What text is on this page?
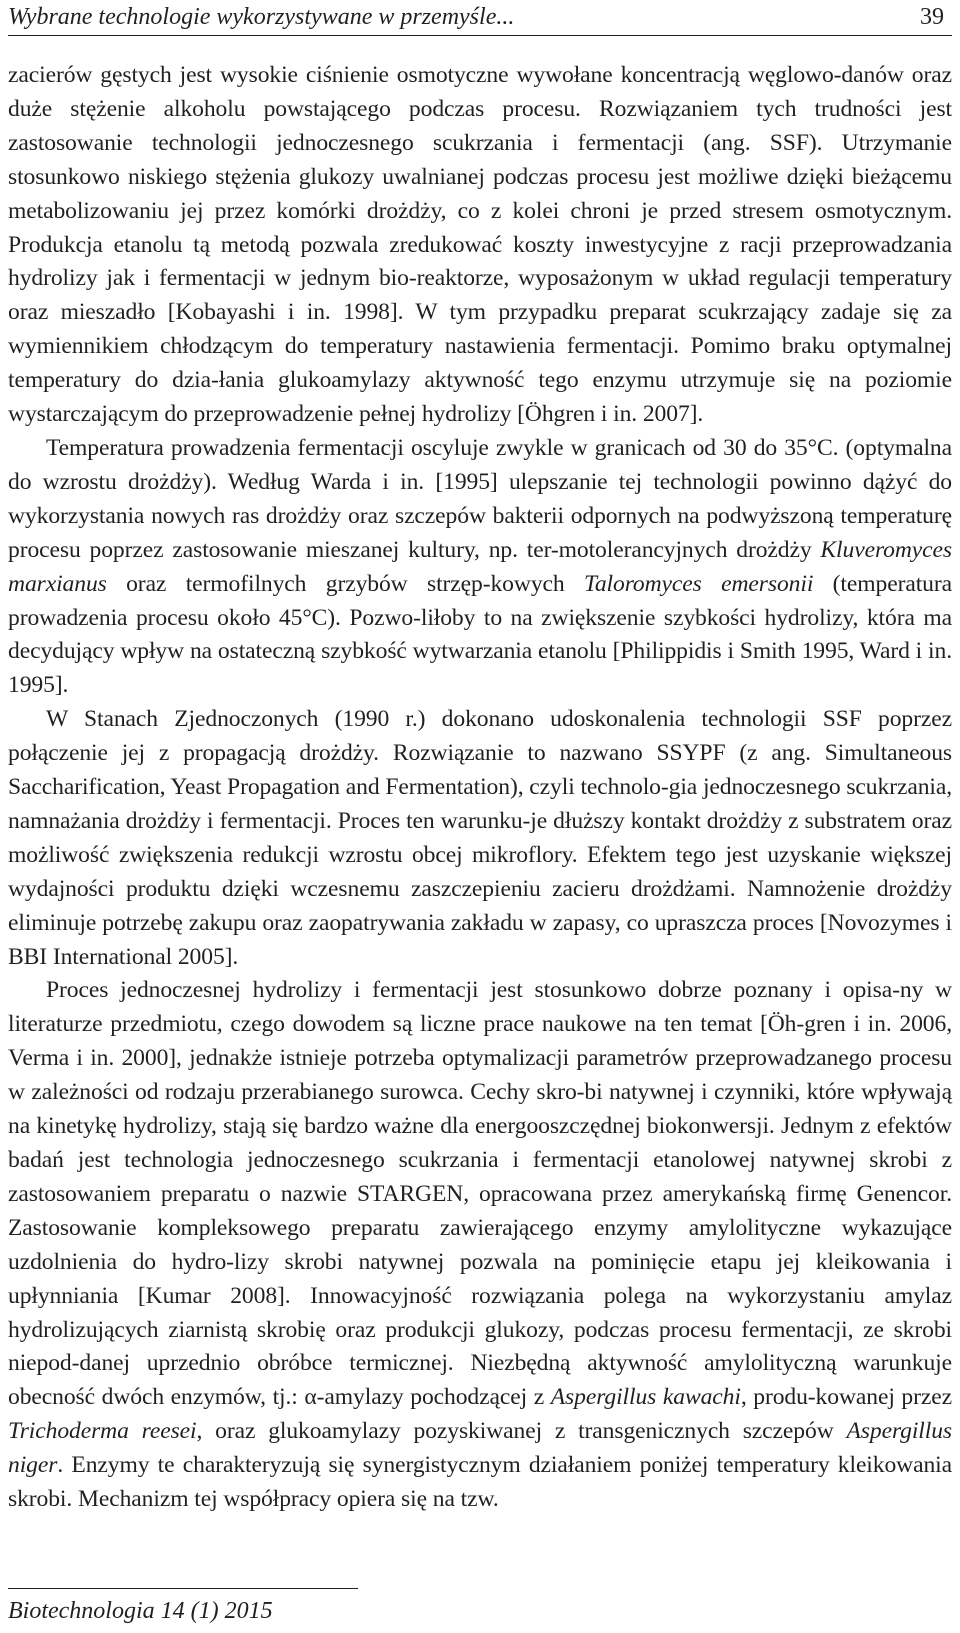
Wybrane technologie wykorzystywane w przemyśle...	39

zacierów gęstych jest wysokie ciśnienie osmotyczne wywołane koncentracją węglowo-danów oraz duże stężenie alkoholu powstającego podczas procesu. Rozwiązaniem tych trudności jest zastosowanie technologii jednoczesnego scukrzania i fermentacji (ang. SSF). Utrzymanie stosunkowo niskiego stężenia glukozy uwalnianej podczas procesu jest możliwe dzięki bieżącemu metabolizowaniu jej przez komórki drożdży, co z kolei chroni je przed stresem osmotycznym. Produkcja etanolu tą metodą pozwala zredukować koszty inwestycyjne z racji przeprowadzania hydrolizy jak i fermentacji w jednym bio-reaktorze, wyposażonym w układ regulacji temperatury oraz mieszadło [Kobayashi i in. 1998]. W tym przypadku preparat scukrzający zadaje się za wymiennikiem chłodzącym do temperatury nastawienia fermentacji. Pomimo braku optymalnej temperatury do dzia-łania glukoamylazy aktywność tego enzymu utrzymuje się na poziomie wystarczającym do przeprowadzenie pełnej hydrolizy [Öhgren i in. 2007].

Temperatura prowadzenia fermentacji oscyluje zwykle w granicach od 30 do 35°C. (optymalna do wzrostu drożdży). Według Warda i in. [1995] ulepszanie tej technologii powinno dążyć do wykorzystania nowych ras drożdży oraz szczepów bakterii odpornych na podwyższoną temperaturę procesu poprzez zastosowanie mieszanej kultury, np. ter-motolerancyjnych drożdży Kluveromyces marxianus oraz termofilnych grzybów strzęp-kowych Taloromyces emersonii (temperatura prowadzenia procesu około 45°C). Pozwo-liłoby to na zwiększenie szybkości hydrolizy, która ma decydujący wpływ na ostateczną szybkość wytwarzania etanolu [Philippidis i Smith 1995, Ward i in. 1995].

W Stanach Zjednoczonych (1990 r.) dokonano udoskonalenia technologii SSF poprzez połączenie jej z propagacją drożdży. Rozwiązanie to nazwano SSYPF (z ang. Simultaneous Saccharification, Yeast Propagation and Fermentation), czyli technolo-gia jednoczesnego scukrzania, namnażania drożdży i fermentacji. Proces ten warunku-je dłuższy kontakt drożdży z substratem oraz możliwość zwiększenia redukcji wzrostu obcej mikroflory. Efektem tego jest uzyskanie większej wydajności produktu dzięki wczesnemu zaszczepieniu zacieru drożdżami. Namnożenie drożdży eliminuje potrzebę zakupu oraz zaopatrywania zakładu w zapasy, co upraszcza proces [Novozymes i BBI International 2005].

Proces jednoczesnej hydrolizy i fermentacji jest stosunkowo dobrze poznany i opisa-ny w literaturze przedmiotu, czego dowodem są liczne prace naukowe na ten temat [Öh-gren i in. 2006, Verma i in. 2000], jednakże istnieje potrzeba optymalizacji parametrów przeprowadzanego procesu w zależności od rodzaju przerabianego surowca. Cechy skro-bi natywnej i czynniki, które wpływają na kinetykę hydrolizy, stają się bardzo ważne dla energooszczędnej biokonwersji. Jednym z efektów badań jest technologia jednoczesnego scukrzania i fermentacji etanolowej natywnej skrobi z zastosowaniem preparatu o nazwie STARGEN, opracowana przez amerykańską firmę Genencor. Zastosowanie kompleksowego preparatu zawierającego enzymy amylolityczne wykazujące uzdolnienia do hydro-lizy skrobi natywnej pozwala na pominięcie etapu jej kleikowania i upłynniania [Kumar 2008]. Innowacyjność rozwiązania polega na wykorzystaniu amylaz hydrolizujących ziarnistą skrobię oraz produkcji glukozy, podczas procesu fermentacji, ze skrobi niepod-danej uprzednio obróbce termicznej. Niezbędną aktywność amylolityczną warunkuje obecność dwóch enzymów, tj.: α-amylazy pochodzącej z Aspergillus kawachi, produ-kowanej przez Trichoderma reesei, oraz glukoamylazy pozyskiwanej z transgenicznych szczepów Aspergillus niger. Enzymy te charakteryzują się synergistycznym działaniem poniżej temperatury kleikowania skrobi. Mechanizm tej współpracy opiera się na tzw.

Biotechnologia 14 (1) 2015
